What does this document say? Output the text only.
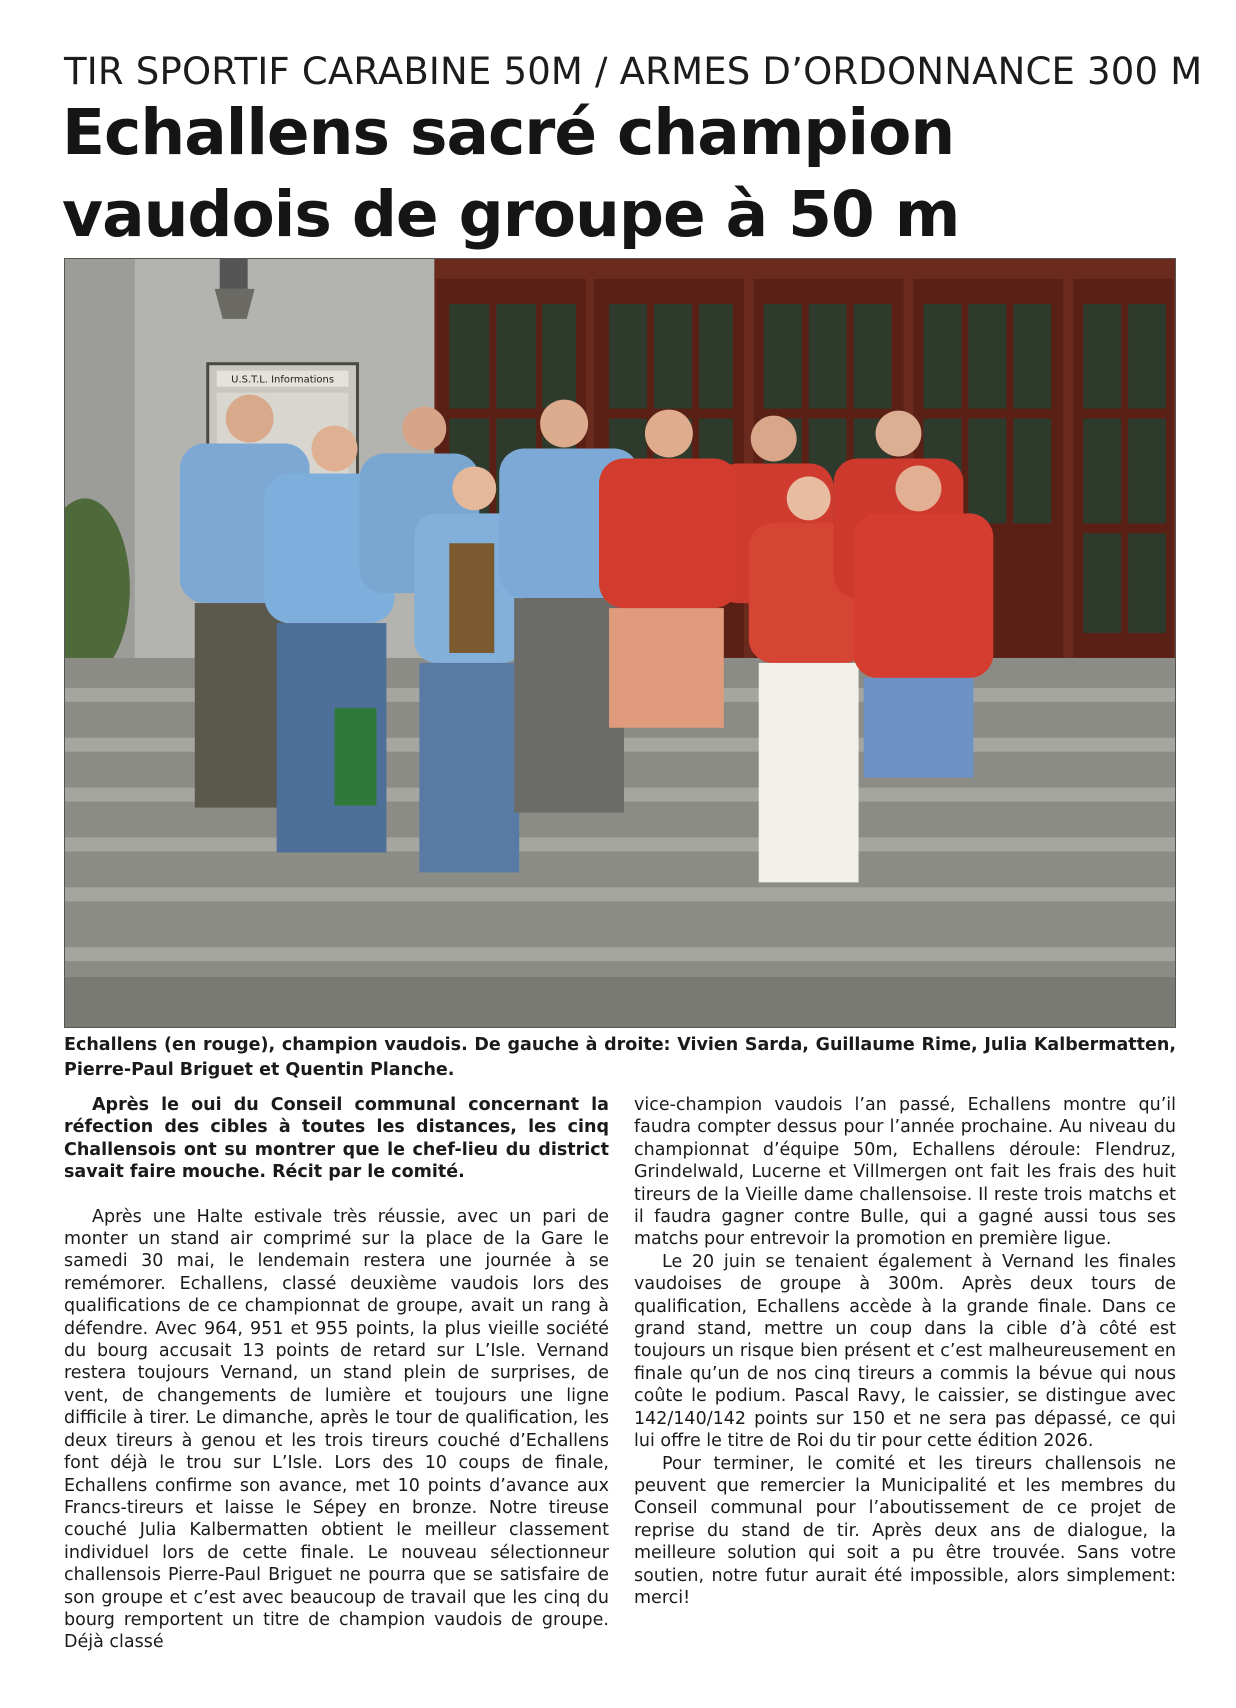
TIR SPORTIF CARABINE 50M / ARMES D’ORDONNANCE 300 M
Echallens sacré champion vaudois de groupe à 50 m
U.S.T.L. Informations

Echallens (en rouge), champion vaudois. De gauche à droite: Vivien Sarda, Guillaume Rime, Julia Kalbermatten, Pierre-Paul Briguet et Quentin Planche.

Après le oui du Conseil communal concernant la réfection des cibles à toutes les distances, les cinq Challensois ont su montrer que le chef-lieu du district savait faire mouche. Récit par le comité.

Après une Halte estivale très réussie, avec un pari de monter un stand air comprimé sur la place de la Gare le samedi 30 mai, le lendemain restera une journée à se remémorer. Echallens, classé deuxième vaudois lors des qualifications de ce championnat de groupe, avait un rang à défendre. Avec 964, 951 et 955 points, la plus vieille société du bourg accusait 13 points de retard sur L’Isle. Vernand restera toujours Vernand, un stand plein de surprises, de vent, de changements de lumière et toujours une ligne difficile à tirer. Le dimanche, après le tour de qualification, les deux tireurs à genou et les trois tireurs couché d’Echallens font déjà le trou sur L’Isle. Lors des 10 coups de finale, Echallens confirme son avance, met 10 points d’avance aux Francs-tireurs et laisse le Sépey en bronze. Notre tireuse couché Julia Kalbermatten obtient le meilleur classement individuel lors de cette finale. Le nouveau sélectionneur challensois Pierre-Paul Briguet ne pourra que se satisfaire de son groupe et c’est avec beaucoup de travail que les cinq du bourg remportent un titre de champion vaudois de groupe. Déjà classé

vice-champion vaudois l’an passé, Echallens montre qu’il faudra compter dessus pour l’année prochaine. Au niveau du championnat d’équipe 50m, Echallens déroule: Flendruz, Grindelwald, Lucerne et Villmergen ont fait les frais des huit tireurs de la Vieille dame challensoise. Il reste trois matchs et il faudra gagner contre Bulle, qui a gagné aussi tous ses matchs pour entrevoir la promotion en première ligue.

Le 20 juin se tenaient également à Vernand les finales vaudoises de groupe à 300m. Après deux tours de qualification, Echallens accède à la grande finale. Dans ce grand stand, mettre un coup dans la cible d’à côté est toujours un risque bien présent et c’est malheureusement en finale qu’un de nos cinq tireurs a commis la bévue qui nous coûte le podium. Pascal Ravy, le caissier, se distingue avec 142/140/142 points sur 150 et ne sera pas dépassé, ce qui lui offre le titre de Roi du tir pour cette édition 2026.

Pour terminer, le comité et les tireurs challensois ne peuvent que remercier la Municipalité et les membres du Conseil communal pour l’aboutissement de ce projet de reprise du stand de tir. Après deux ans de dialogue, la meilleure solution qui soit a pu être trouvée. Sans votre soutien, notre futur aurait été impossible, alors simplement: merci!
